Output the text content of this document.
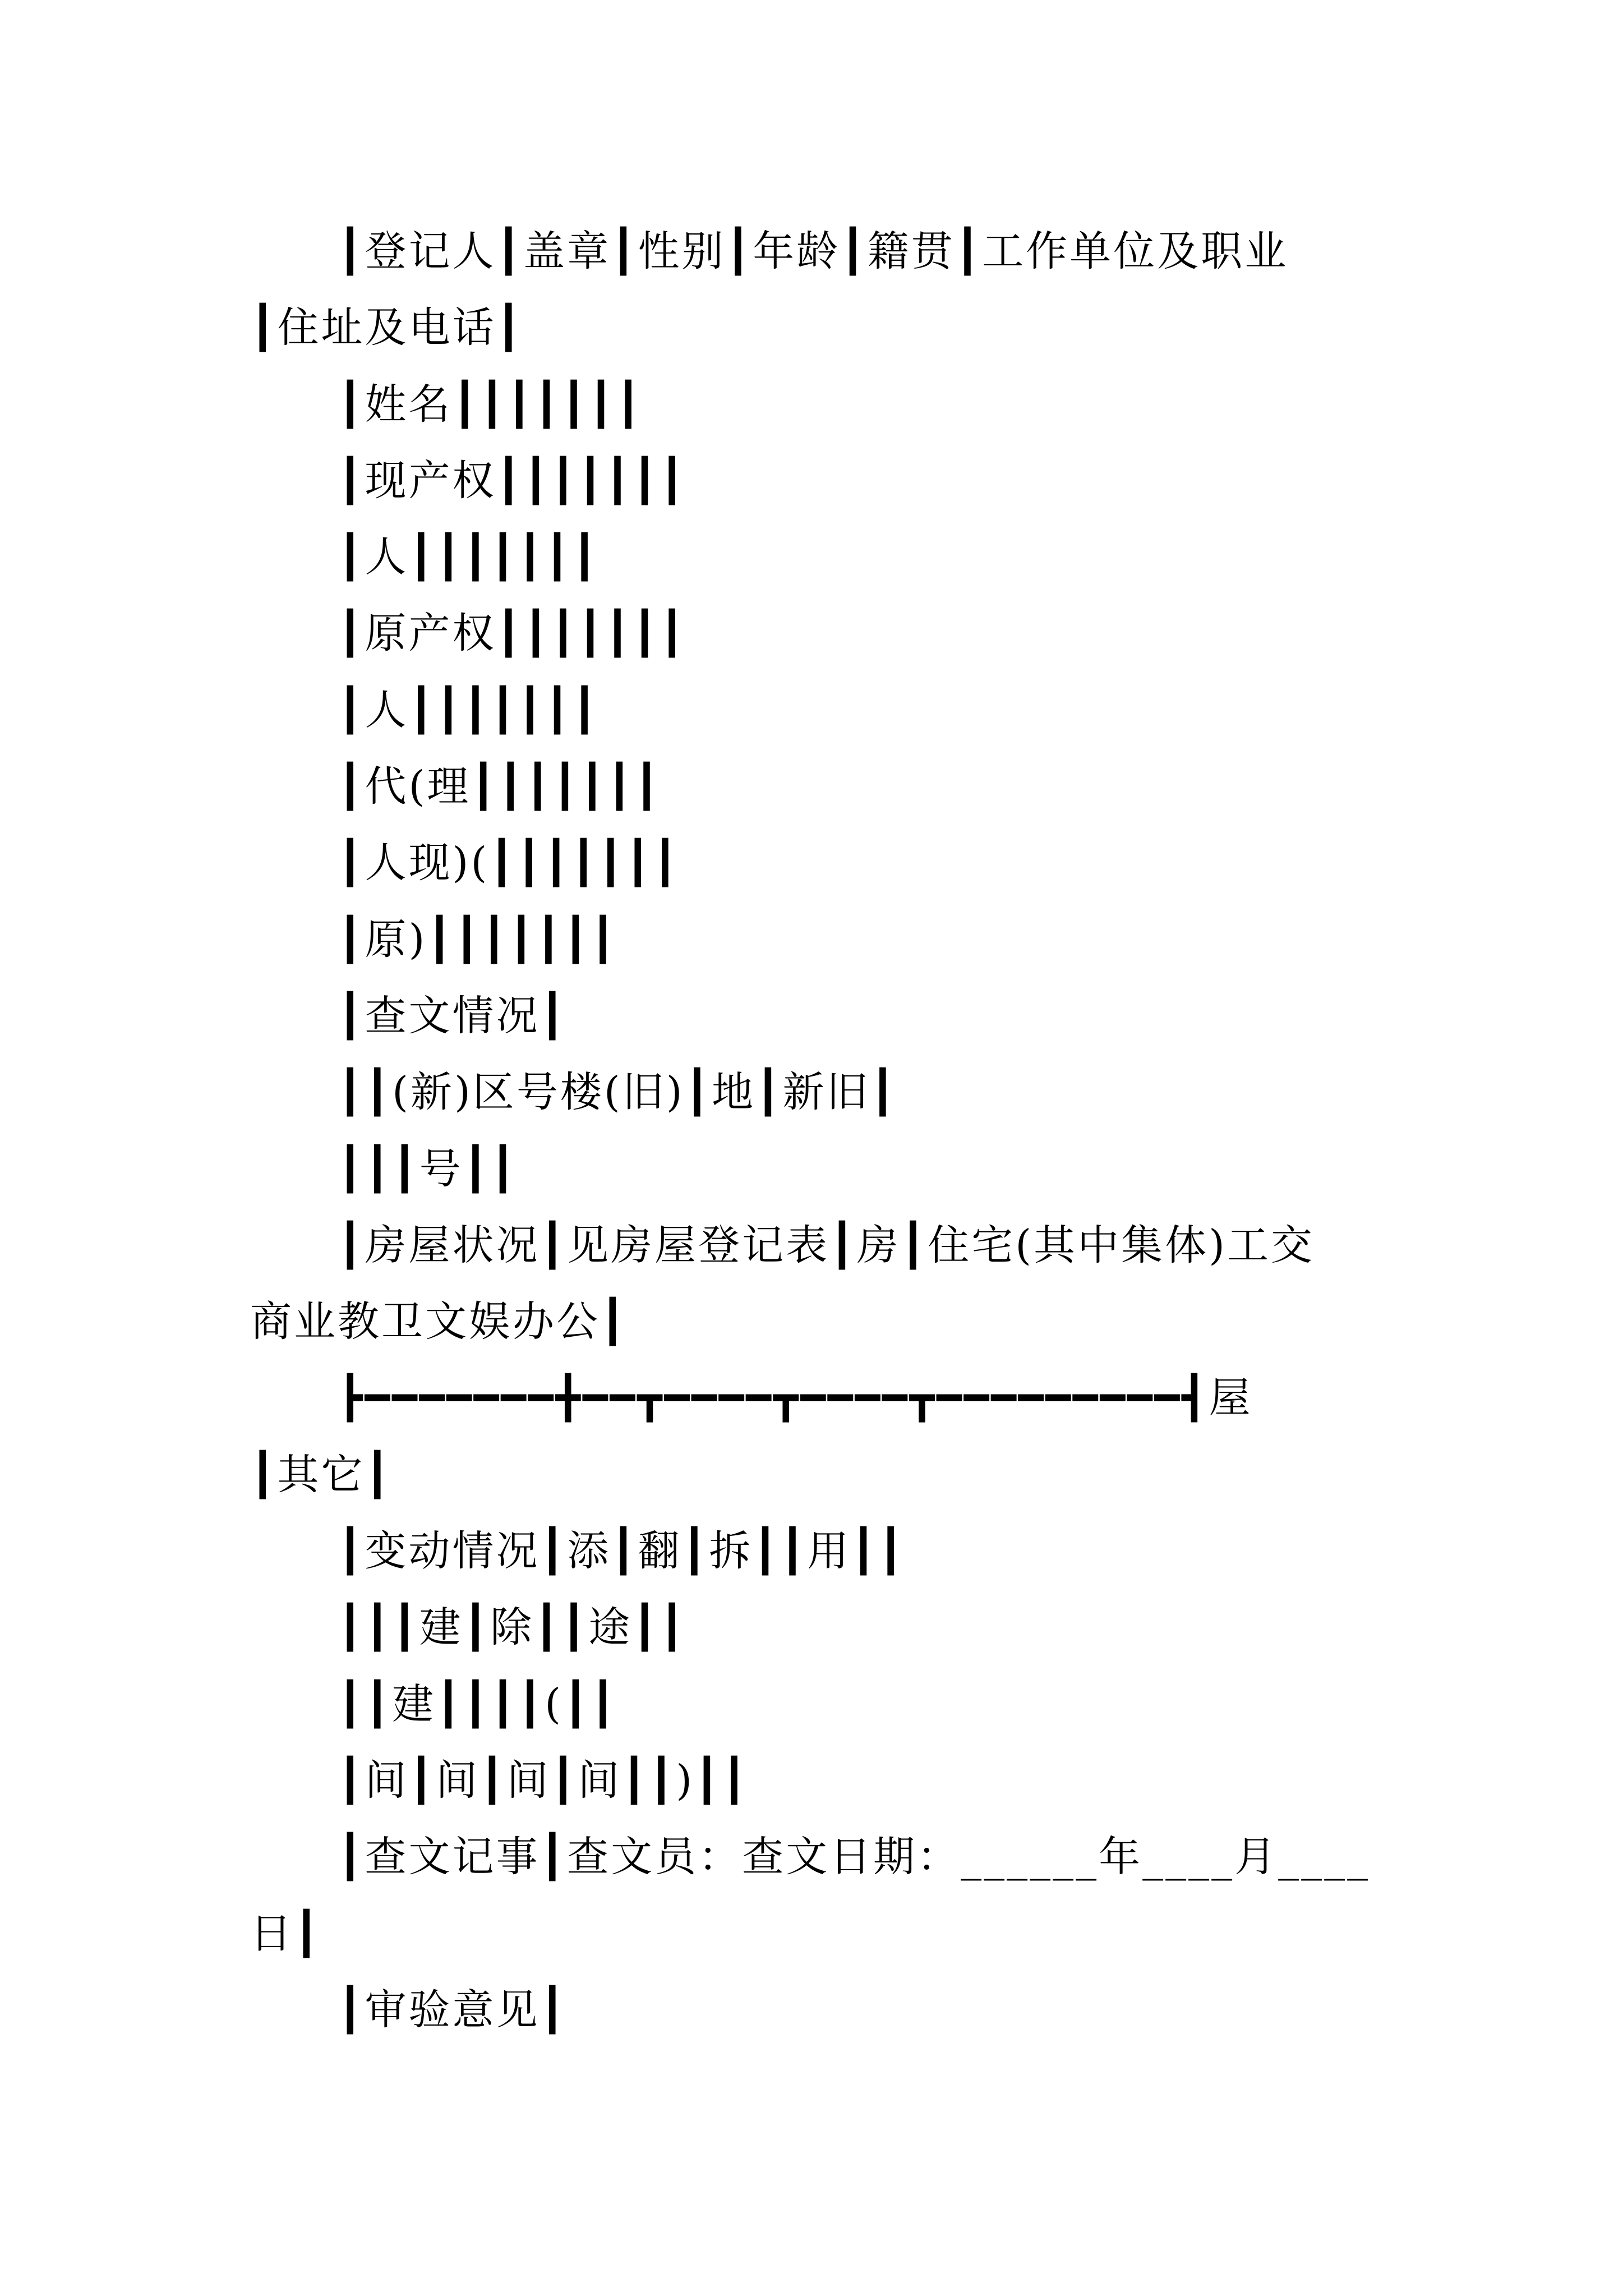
┃登记人┃盖章┃性别┃年龄┃籍贯┃工作单位及职业
┃住址及电话┃
┃姓名┃┃┃┃┃┃┃
┃现产权┃┃┃┃┃┃┃
┃人┃┃┃┃┃┃┃
┃原产权┃┃┃┃┃┃┃
┃人┃┃┃┃┃┃┃
┃代(理┃┃┃┃┃┃┃
┃人现)(┃┃┃┃┃┃┃
┃原)┃┃┃┃┃┃┃
┃查文情况┃
┃┃(新)区号楼(旧)┃地┃新旧┃
┃┃┃号┃┃
┃房屋状况┃见房屋登记表┃房┃住宅(其中集体)工交
商业教卫文娱办公┃
┣━━━━━━━╋━━┳━━━━┳━━━━┳━━━━━━━━━┫屋
┃其它┃
┃变动情况┃添┃翻┃拆┃┃用┃┃
┃┃┃建┃除┃┃途┃┃
┃┃建┃┃┃┃(┃┃
┃间┃间┃间┃间┃┃)┃┃
┃查文记事┃查文员：查文日期：______年____月____
日┃
┃审验意见┃
